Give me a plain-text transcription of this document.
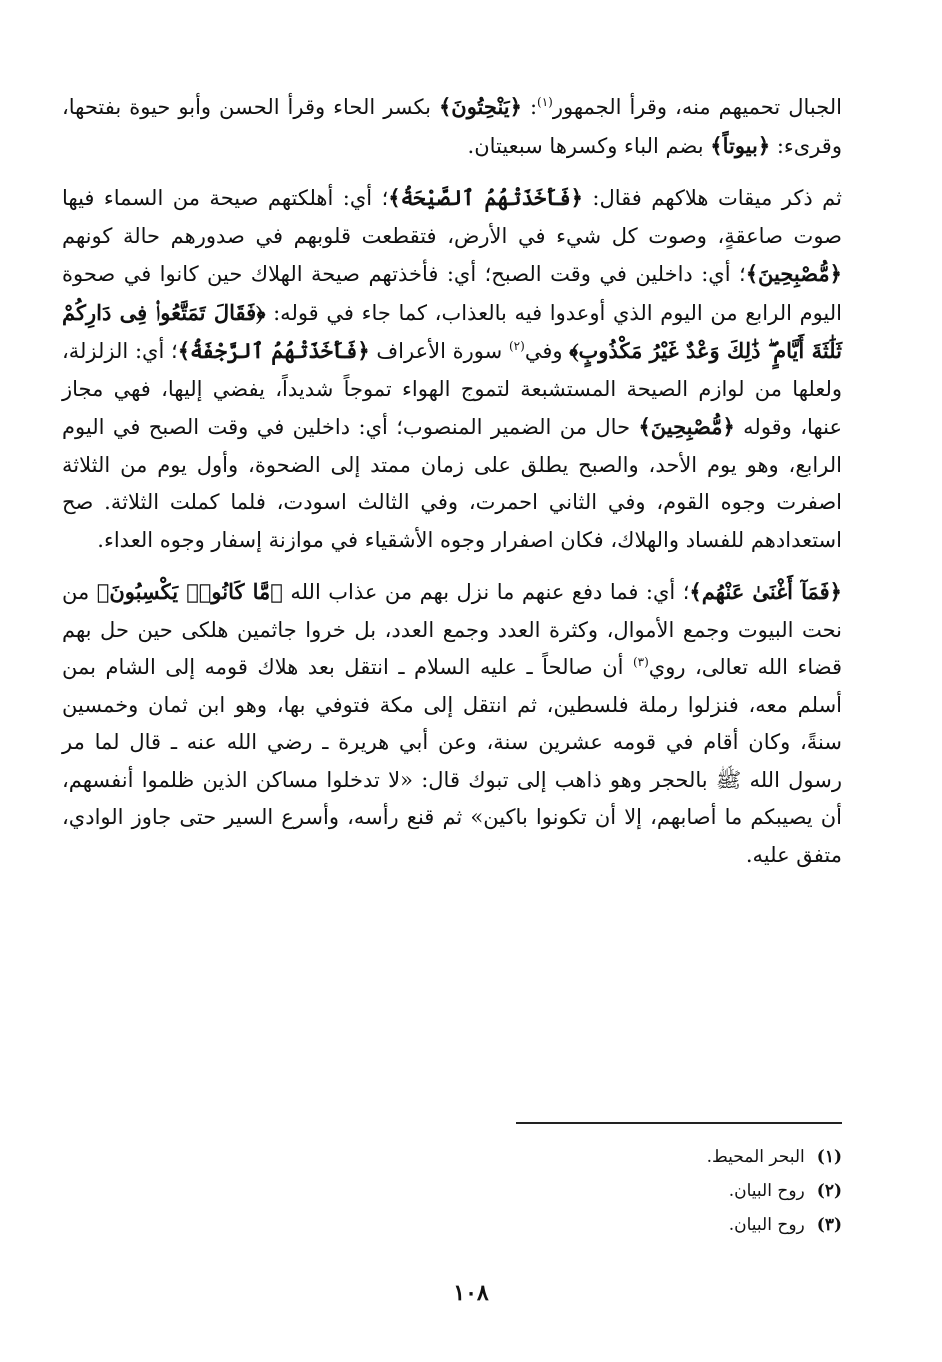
الجبال تحميهم منه، وقرأ الجمهور$^{(١)}$: ﴿يَنْحِتُونَ﴾ بكسر الحاء وقرأ الحسن وأبو حيوة بفتحها، وقرىء: ﴿بيوتاً﴾ بضم الباء وكسرها سبعيتان.

ثم ذكر ميقات هلاكهم فقال: ﴿فَأَخَذَتْهُمُ ٱلصَّيْحَةُ﴾؛ أي: أهلكتهم صيحة من السماء فيها صوت صاعقةٍ، وصوت كل شيء في الأرض، فتقطعت قلوبهم في صدورهم حالة كونهم ﴿مُّصْبِحِينَ﴾؛ أي: داخلين في وقت الصبح؛ أي: فأخذتهم صيحة الهلاك حين كانوا في صحوة اليوم الرابع من اليوم الذي أوعدوا فيه بالعذاب، كما جاء في قوله: ﴿فَقَالَ تَمَتَّعُوا۟ فِى دَارِكُمْ ثَلَٰثَةَ أَيَّامٍ ۖ ذَٰلِكَ وَعْدٌ غَيْرُ مَكْذُوبٍ﴾ وفي$^{(٢)}$ سورة الأعراف ﴿فَأَخَذَتْهُمُ ٱلرَّجْفَةُ﴾؛ أي: الزلزلة، ولعلها من لوازم الصيحة المستشبعة لتموج الهواء تموجاً شديداً، يفضي إليها، فهي مجاز عنها، وقوله ﴿مُّصْبِحِينَ﴾ حال من الضمير المنصوب؛ أي: داخلين في وقت الصبح في اليوم الرابع، وهو يوم الأحد، والصبح يطلق على زمان ممتد إلى الضحوة، وأول يوم من الثلاثة اصفرت وجوه القوم، وفي الثاني احمرت، وفي الثالث اسودت، فلما كملت الثلاثة. صح استعدادهم للفساد والهلاك، فكان اصفرار وجوه الأشقياء في موازنة إسفار وجوه العداء.

﴿فَمَآ أَغْنَىٰ عَنْهُم﴾؛ أي: فما دفع عنهم ما نزل بهم من عذاب الله ﴿مَّا كَانُوا۟ يَكْسِبُونَ﴾ من نحت البيوت وجمع الأموال، وكثرة العدد وجمع العدد، بل خروا جاثمين هلكى حين حل بهم قضاء الله تعالى، روي$^{(٣)}$ أن صالحاً ـ عليه السلام ـ انتقل بعد هلاك قومه إلى الشام بمن أسلم معه، فنزلوا رملة فلسطين، ثم انتقل إلى مكة فتوفي بها، وهو ابن ثمان وخمسين سنةً، وكان أقام في قومه عشرين سنة، وعن أبي هريرة ـ رضي الله عنه ـ قال لما مر رسول الله ﷺ بالحجر وهو ذاهب إلى تبوك قال: «لا تدخلوا مساكن الذين ظلموا أنفسهم، أن يصيبكم ما أصابهم، إلا أن تكونوا باكين» ثم قنع رأسه، وأسرع السير حتى جاوز الوادي، متفق عليه.

(١)البحر المحيط.
(٢)روح البيان.
(٣)روح البيان.
١٠٨
